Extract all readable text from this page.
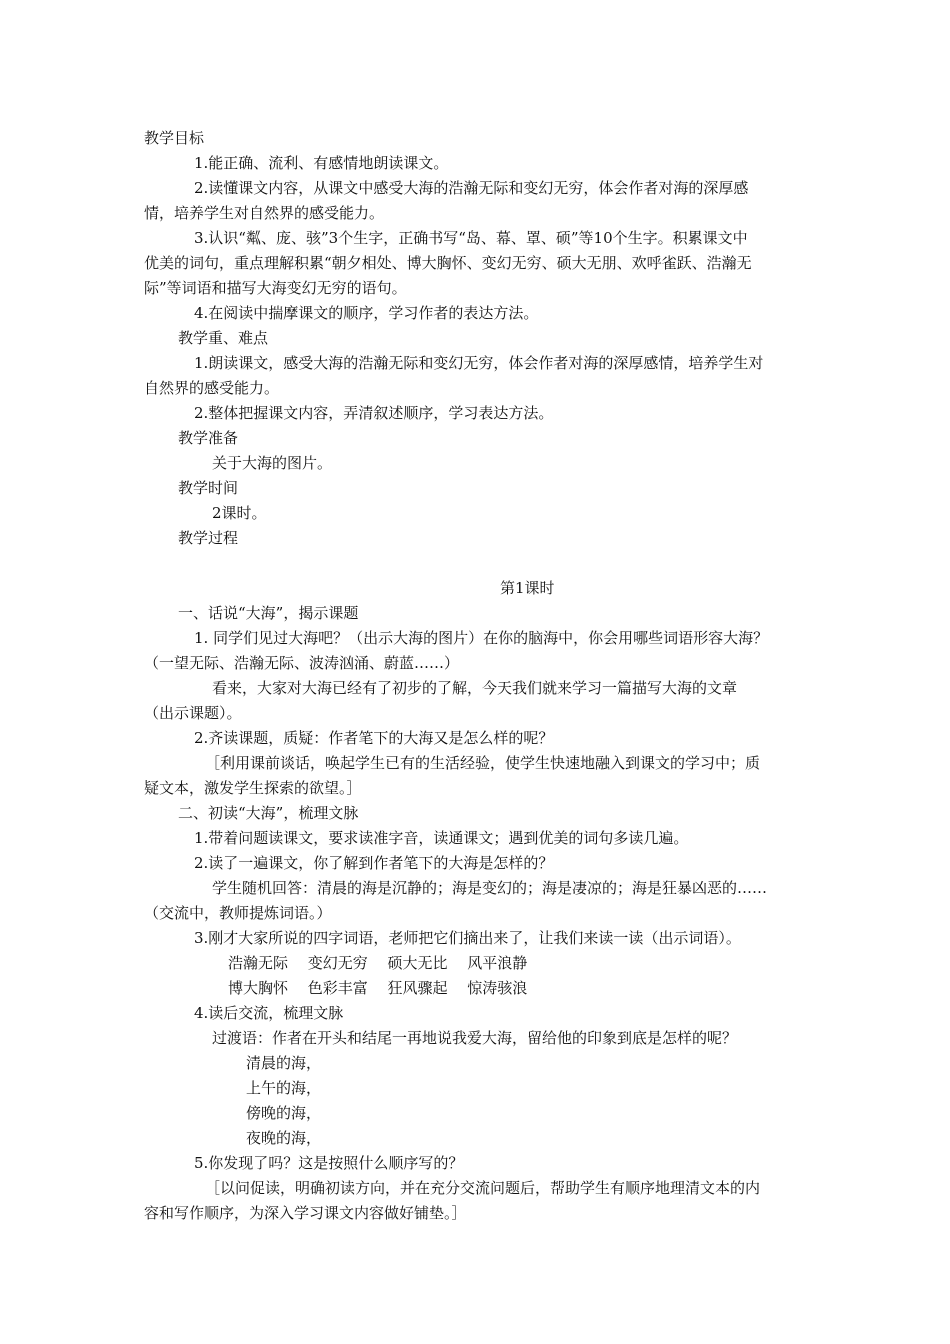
教学目标
1.能正确、流利、有感情地朗读课文。
2.读懂课文内容，从课文中感受大海的浩瀚无际和变幻无穷，体会作者对海的深厚感
情，培养学生对自然界的感受能力。
3.认识“粼、庞、骇”3个生字，正确书写“岛、幕、罩、硕”等10个生字。积累课文中
优美的词句，重点理解积累“朝夕相处、博大胸怀、变幻无穷、硕大无朋、欢呼雀跃、浩瀚无
际”等词语和描写大海变幻无穷的语句。
4.在阅读中揣摩课文的顺序，学习作者的表达方法。
教学重、难点
1.朗读课文，感受大海的浩瀚无际和变幻无穷，体会作者对海的深厚感情，培养学生对
自然界的感受能力。
2.整体把握课文内容，弄清叙述顺序，学习表达方法。
教学准备
关于大海的图片。
教学时间
2课时。
教学过程
第1课时
一、话说“大海”，揭示课题
1. 同学们见过大海吧？（出示大海的图片）在你的脑海中，你会用哪些词语形容大海？
（一望无际、浩瀚无际、波涛汹涌、蔚蓝……）
看来，大家对大海已经有了初步的了解，今天我们就来学习一篇描写大海的文章
（出示课题）。
2.齐读课题，质疑：作者笔下的大海又是怎么样的呢？
［利用课前谈话，唤起学生已有的生活经验，使学生快速地融入到课文的学习中；质
疑文本，激发学生探索的欲望。］
二、初读“大海”，梳理文脉
1.带着问题读课文，要求读准字音，读通课文；遇到优美的词句多读几遍。
2.读了一遍课文，你了解到作者笔下的大海是怎样的？
学生随机回答：清晨的海是沉静的；海是变幻的；海是凄凉的；海是狂暴凶恶的……
（交流中，教师提炼词语。）
3.刚才大家所说的四字词语，老师把它们摘出来了，让我们来读一读（出示词语）。
浩瀚无际　 变幻无穷　 硕大无比　 风平浪静
博大胸怀　 色彩丰富　 狂风骤起　 惊涛骇浪
4.读后交流，梳理文脉
过渡语：作者在开头和结尾一再地说我爱大海，留给他的印象到底是怎样的呢？
清晨的海，
上午的海，
傍晚的海，
夜晚的海，
5.你发现了吗？这是按照什么顺序写的？
［以问促读，明确初读方向，并在充分交流问题后，帮助学生有顺序地理清文本的内
容和写作顺序，为深入学习课文内容做好铺垫。］
